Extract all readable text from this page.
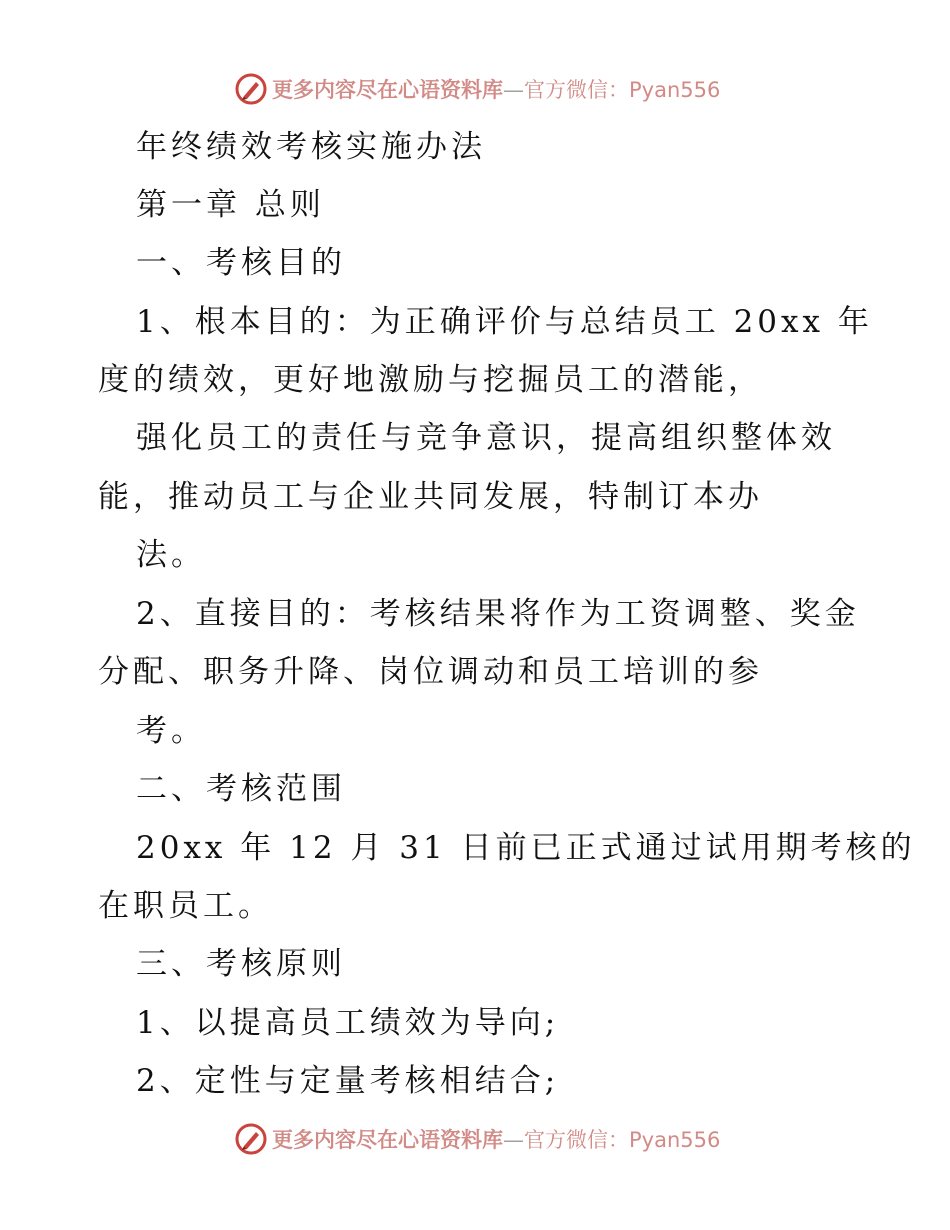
更多内容尽在心语资料库—官方微信：Pyan556
年终绩效考核实施办法
第一章 总则
一、考核目的
1、根本目的：为正确评价与总结员工 20xx 年
度的绩效，更好地激励与挖掘员工的潜能，
强化员工的责任与竞争意识，提高组织整体效
能，推动员工与企业共同发展，特制订本办
法。
2、直接目的：考核结果将作为工资调整、奖金
分配、职务升降、岗位调动和员工培训的参
考。
二、考核范围
20xx 年 12 月 31 日前已正式通过试用期考核的
在职员工。
三、考核原则
1、以提高员工绩效为导向;
2、定性与定量考核相结合;
更多内容尽在心语资料库—官方微信：Pyan556
